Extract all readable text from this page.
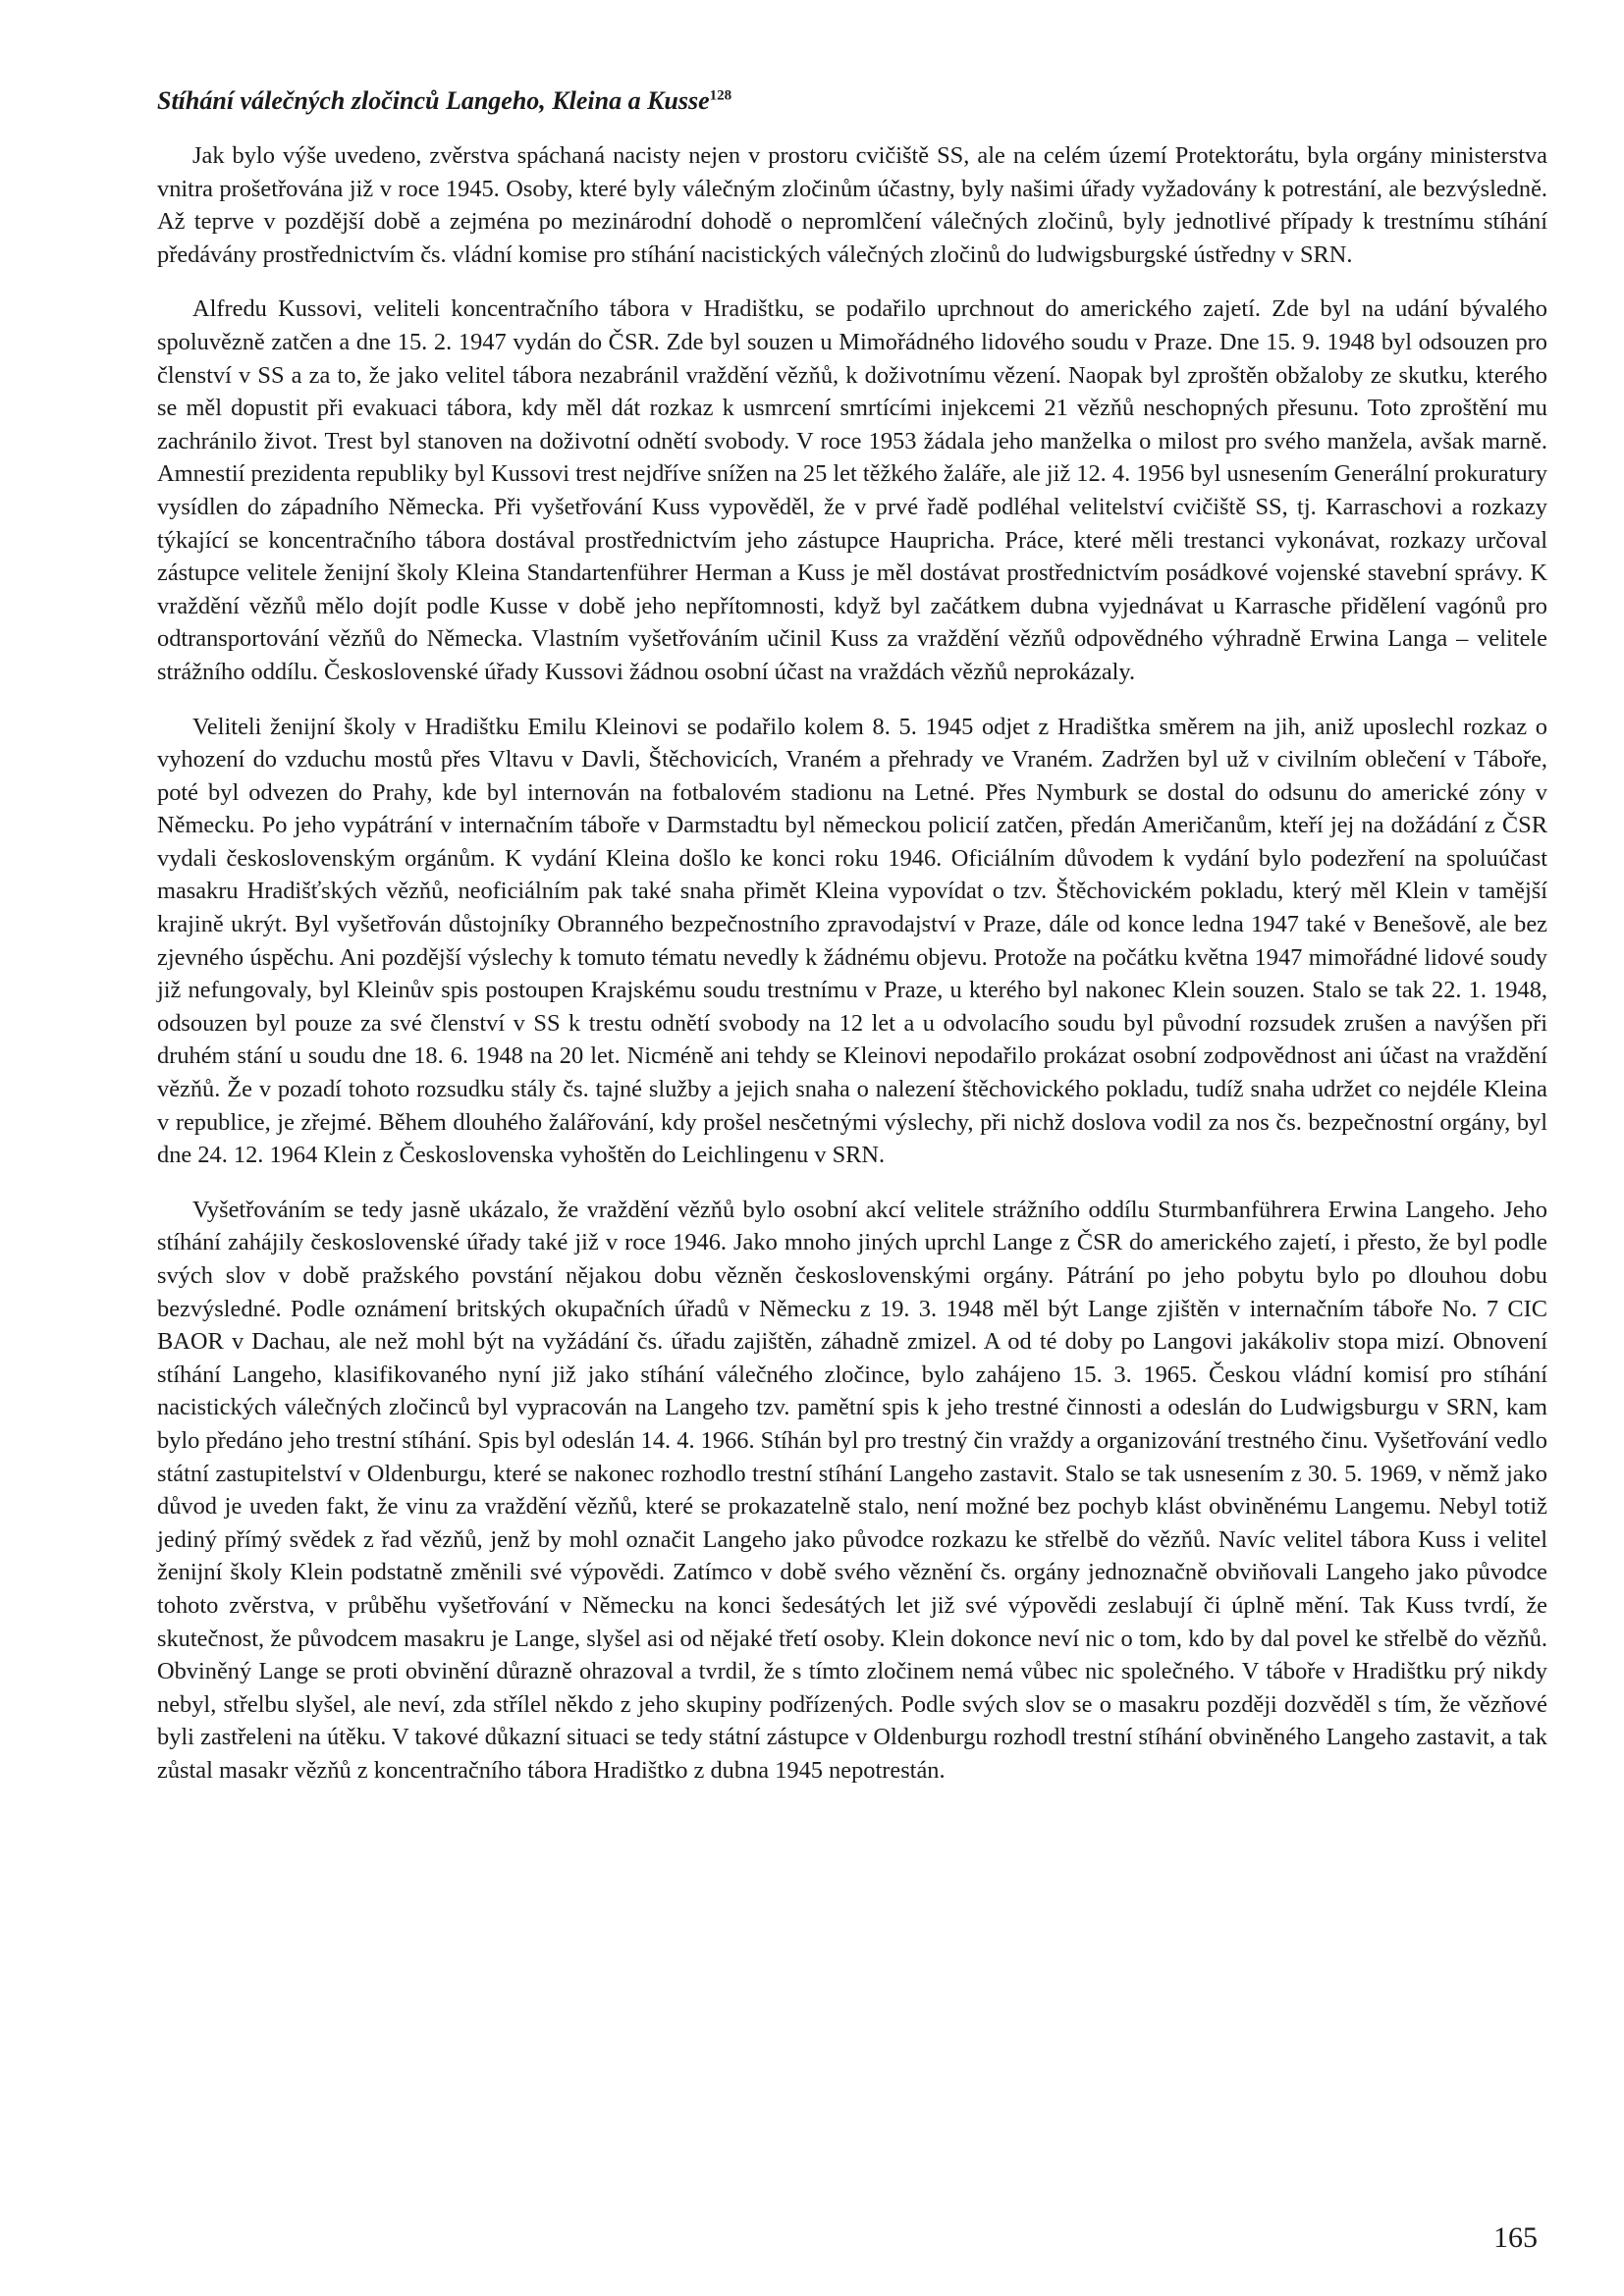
Stíhání válečných zločinců Langeho, Kleina a Kusse$^{128}$

Jak bylo výše uvedeno, zvěrstva spáchaná nacisty nejen v prostoru cvičiště SS, ale na celém území Protektorátu, byla orgány ministerstva vnitra prošetřována již v roce 1945. Osoby, které byly válečným zločinům účastny, byly našimi úřady vyžadovány k potrestání, ale bezvýsledně. Až teprve v pozdější době a zejména po mezinárodní dohodě o nepromlčení válečných zločinů, byly jednotlivé případy k trestnímu stíhání předávány prostřednictvím čs. vládní komise pro stíhání nacistických válečných zločinů do ludwigsburgské ústředny v SRN.

Alfredu Kussovi, veliteli koncentračního tábora v Hradištku, se podařilo uprchnout do amerického zajetí. Zde byl na udání bývalého spoluvězně zatčen a dne 15. 2. 1947 vydán do ČSR. Zde byl souzen u Mimořádného lidového soudu v Praze. Dne 15. 9. 1948 byl odsouzen pro členství v SS a za to, že jako velitel tábora nezabránil vraždění vězňů, k doživotnímu vězení. Naopak byl zproštěn obžaloby ze skutku, kterého se měl dopustit při evakuaci tábora, kdy měl dát rozkaz k usmrcení smrtícími injekcemi 21 vězňů neschopných přesunu. Toto zproštění mu zachránilo život. Trest byl stanoven na doživotní odnětí svobody. V roce 1953 žádala jeho manželka o milost pro svého manžela, avšak marně. Amnestií prezidenta republiky byl Kussovi trest nejdříve snížen na 25 let těžkého žaláře, ale již 12. 4. 1956 byl usnesením Generální prokuratury vysídlen do západního Německa. Při vyšetřování Kuss vypověděl, že v prvé řadě podléhal velitelství cvičiště SS, tj. Karraschovi a rozkazy týkající se koncentračního tábora dostával prostřednictvím jeho zástupce Haupricha. Práce, které měli trestanci vykonávat, rozkazy určoval zástupce velitele ženijní školy Kleina Standartenführer Herman a Kuss je měl dostávat prostřednictvím posádkové vojenské stavební správy. K vraždění vězňů mělo dojít podle Kusse v době jeho nepřítomnosti, když byl začátkem dubna vyjednávat u Karrasche přidělení vagónů pro odtransportování vězňů do Německa. Vlastním vyšetřováním učinil Kuss za vraždění vězňů odpovědného výhradně Erwina Langa – velitele strážního oddílu. Československé úřady Kussovi žádnou osobní účast na vraždách vězňů neprokázaly.

Veliteli ženijní školy v Hradištku Emilu Kleinovi se podařilo kolem 8. 5. 1945 odjet z Hradištka směrem na jih, aniž uposlechl rozkaz o vyhození do vzduchu mostů přes Vltavu v Davli, Štěchovicích, Vraném a přehrady ve Vraném. Zadržen byl už v civilním oblečení v Táboře, poté byl odvezen do Prahy, kde byl internován na fotbalovém stadionu na Letné. Přes Nymburk se dostal do odsunu do americké zóny v Německu. Po jeho vypátrání v internačním táboře v Darmstadtu byl německou policií zatčen, předán Američanům, kteří jej na dožádání z ČSR vydali československým orgánům. K vydání Kleina došlo ke konci roku 1946. Oficiálním důvodem k vydání bylo podezření na spoluúčast masakru Hradišťských vězňů, neoficiálním pak také snaha přimět Kleina vypovídat o tzv. Štěchovickém pokladu, který měl Klein v tamější krajině ukrýt. Byl vyšetřován důstojníky Obranného bezpečnostního zpravodajství v Praze, dále od konce ledna 1947 také v Benešově, ale bez zjevného úspěchu. Ani pozdější výslechy k tomuto tématu nevedly k žádnému objevu. Protože na počátku května 1947 mimořádné lidové soudy již nefungovaly, byl Kleinův spis postoupen Krajskému soudu trestnímu v Praze, u kterého byl nakonec Klein souzen. Stalo se tak 22. 1. 1948, odsouzen byl pouze za své členství v SS k trestu odnětí svobody na 12 let a u odvolacího soudu byl původní rozsudek zrušen a navýšen při druhém stání u soudu dne 18. 6. 1948 na 20 let. Nicméně ani tehdy se Kleinovi nepodařilo prokázat osobní zodpovědnost ani účast na vraždění vězňů. Že v pozadí tohoto rozsudku stály čs. tajné služby a jejich snaha o nalezení štěchovického pokladu, tudíž snaha udržet co nejdéle Kleina v republice, je zřejmé. Během dlouhého žalářování, kdy prošel nesčetnými výslechy, při nichž doslova vodil za nos čs. bezpečnostní orgány, byl dne 24. 12. 1964 Klein z Československa vyhoštěn do Leichlingenu v SRN.

Vyšetřováním se tedy jasně ukázalo, že vraždění vězňů bylo osobní akcí velitele strážního oddílu Sturmbanführera Erwina Langeho. Jeho stíhání zahájily československé úřady také již v roce 1946. Jako mnoho jiných uprchl Lange z ČSR do amerického zajetí, i přesto, že byl podle svých slov v době pražského povstání nějakou dobu vězněn československými orgány. Pátrání po jeho pobytu bylo po dlouhou dobu bezvýsledné. Podle oznámení britských okupačních úřadů v Německu z 19. 3. 1948 měl být Lange zjištěn v internačním táboře No. 7 CIC BAOR v Dachau, ale než mohl být na vyžádání čs. úřadu zajištěn, záhadně zmizel. A od té doby po Langovi jakákoliv stopa mizí. Obnovení stíhání Langeho, klasifikovaného nyní již jako stíhání válečného zločince, bylo zahájeno 15. 3. 1965. Českou vládní komisí pro stíhání nacistických válečných zločinců byl vypracován na Langeho tzv. pamětní spis k jeho trestné činnosti a odeslán do Ludwigsburgu v SRN, kam bylo předáno jeho trestní stíhání. Spis byl odeslán 14. 4. 1966. Stíhán byl pro trestný čin vraždy a organizování trestného činu. Vyšetřování vedlo státní zastupitelství v Oldenburgu, které se nakonec rozhodlo trestní stíhání Langeho zastavit. Stalo se tak usnesením z 30. 5. 1969, v němž jako důvod je uveden fakt, že vinu za vraždění vězňů, které se prokazatelně stalo, není možné bez pochyb klást obviněnému Langemu. Nebyl totiž jediný přímý svědek z řad vězňů, jenž by mohl označit Langeho jako původce rozkazu ke střelbě do vězňů. Navíc velitel tábora Kuss i velitel ženijní školy Klein podstatně změnili své výpovědi. Zatímco v době svého věznění čs. orgány jednoznačně obviňovali Langeho jako původce tohoto zvěrstva, v průběhu vyšetřování v Německu na konci šedesátých let již své výpovědi zeslabují či úplně mění. Tak Kuss tvrdí, že skutečnost, že původcem masakru je Lange, slyšel asi od nějaké třetí osoby. Klein dokonce neví nic o tom, kdo by dal povel ke střelbě do vězňů. Obviněný Lange se proti obvinění důrazně ohrazoval a tvrdil, že s tímto zločinem nemá vůbec nic společného. V táboře v Hradištku prý nikdy nebyl, střelbu slyšel, ale neví, zda střílel někdo z jeho skupiny podřízených. Podle svých slov se o masakru později dozvěděl s tím, že vězňové byli zastřeleni na útěku. V takové důkazní situaci se tedy státní zástupce v Oldenburgu rozhodl trestní stíhání obviněného Langeho zastavit, a tak zůstal masakr vězňů z koncentračního tábora Hradištko z dubna 1945 nepotrestán.

165
